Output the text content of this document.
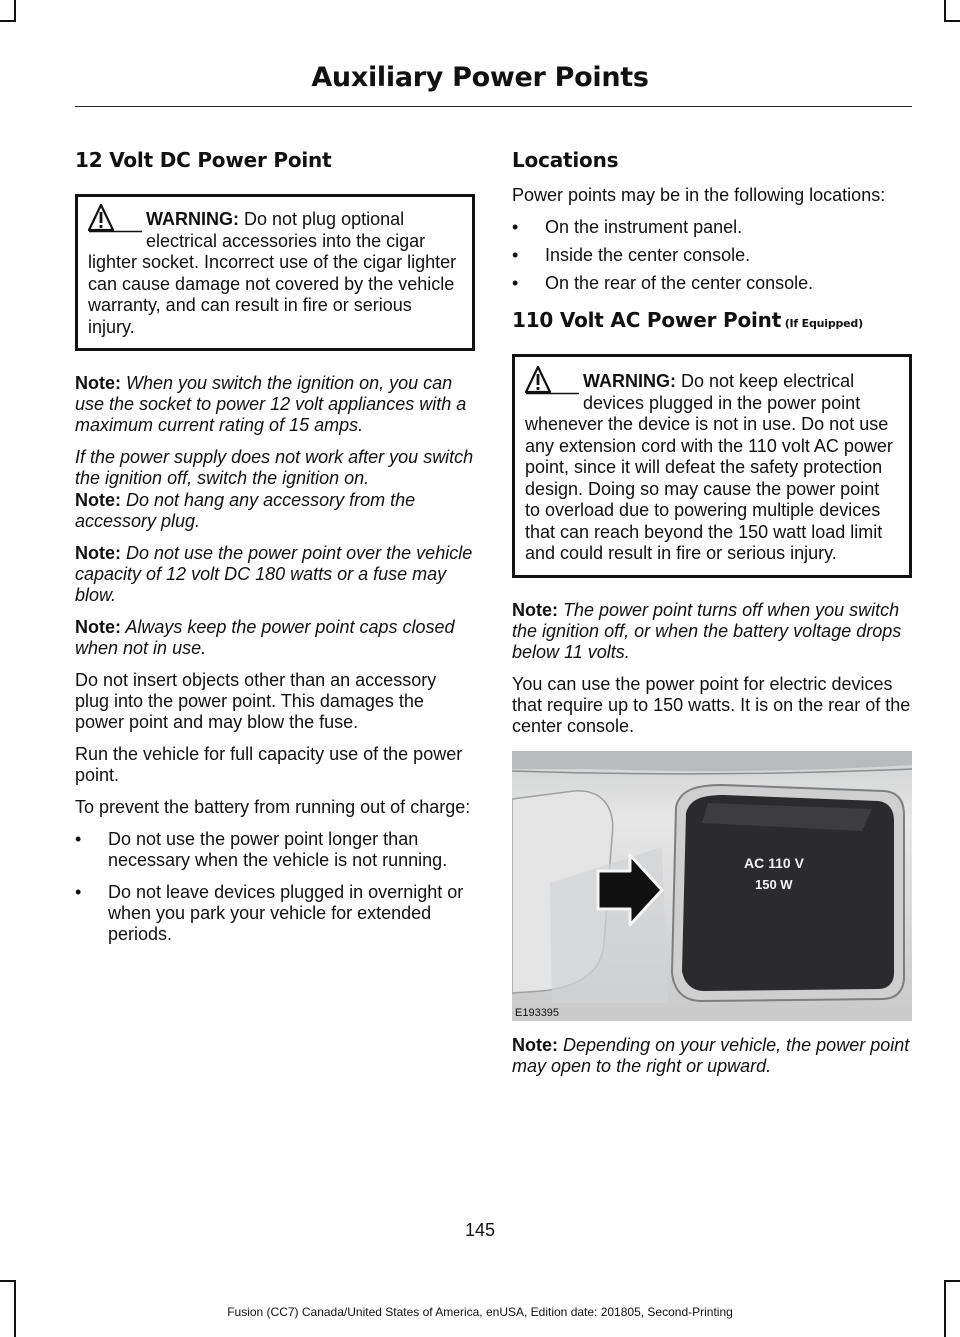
Auxiliary Power Points
12 Volt DC Power Point
WARNING: Do not plug optional electrical accessories into the cigar lighter socket. Incorrect use of the cigar lighter can cause damage not covered by the vehicle warranty, and can result in fire or serious injury.

Note: When you switch the ignition on, you can use the socket to power 12 volt appliances with a maximum current rating of 15 amps.

If the power supply does not work after you switch the ignition off, switch the ignition on.

Note: Do not hang any accessory from the accessory plug.

Note: Do not use the power point over the vehicle capacity of 12 volt DC 180 watts or a fuse may blow.

Note: Always keep the power point caps closed when not in use.

Do not insert objects other than an accessory plug into the power point. This damages the power point and may blow the fuse.

Run the vehicle for full capacity use of the power point.

To prevent the battery from running out of charge:

• Do not use the power point longer than necessary when the vehicle is not running.
• Do not leave devices plugged in overnight or when you park your vehicle for extended periods.
Locations

Power points may be in the following locations:

• On the instrument panel.
• Inside the center console.
• On the rear of the center console.
110 Volt AC Power Point (If Equipped)
WARNING: Do not keep electrical devices plugged in the power point whenever the device is not in use. Do not use any extension cord with the 110 volt AC power point, since it will defeat the safety protection design. Doing so may cause the power point to overload due to powering multiple devices that can reach beyond the 150 watt load limit and could result in fire or serious injury.

Note: The power point turns off when you switch the ignition off, or when the battery voltage drops below 11 volts.

You can use the power point for electric devices that require up to 150 watts. It is on the rear of the center console.

AC 110 V
150 W
E193395

Note: Depending on your vehicle, the power point may open to the right or upward.

145
Fusion (CC7) Canada/United States of America, enUSA, Edition date: 201805, Second-Printing
